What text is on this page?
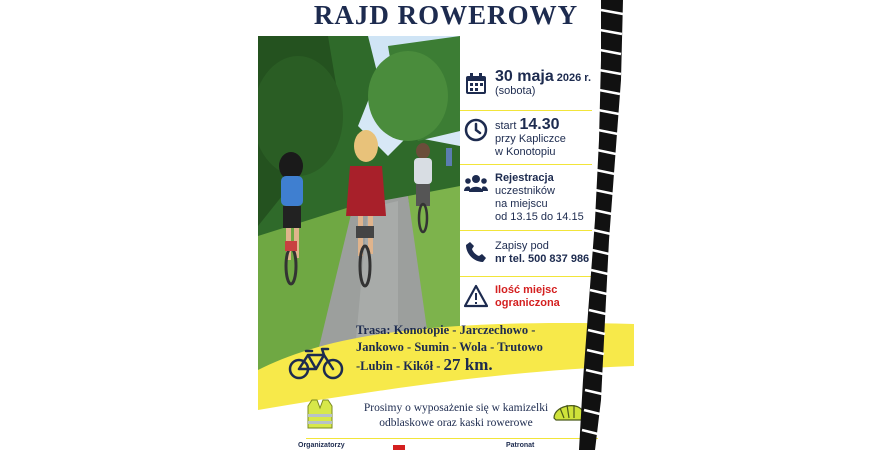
RAJD ROWEROWY
30 maja 2026 r.
(sobota)
start 14.30
przy Kapliczce
w Konotopiu
Rejestracja
uczestników
na miejscu
od 13.15 do 14.15
Zapisy pod
nr tel. 500 837 986
Ilość miejsc
ograniczona
Trasa: Konotopie - Jarczechowo -
Jankowo - Sumin - Wola - Trutowo
-Lubin - Kikół - 27 km.
Prosimy o wyposażenie się w kamizelki
odblaskowe oraz kaski rowerowe
Organizatorzy	Patronat
